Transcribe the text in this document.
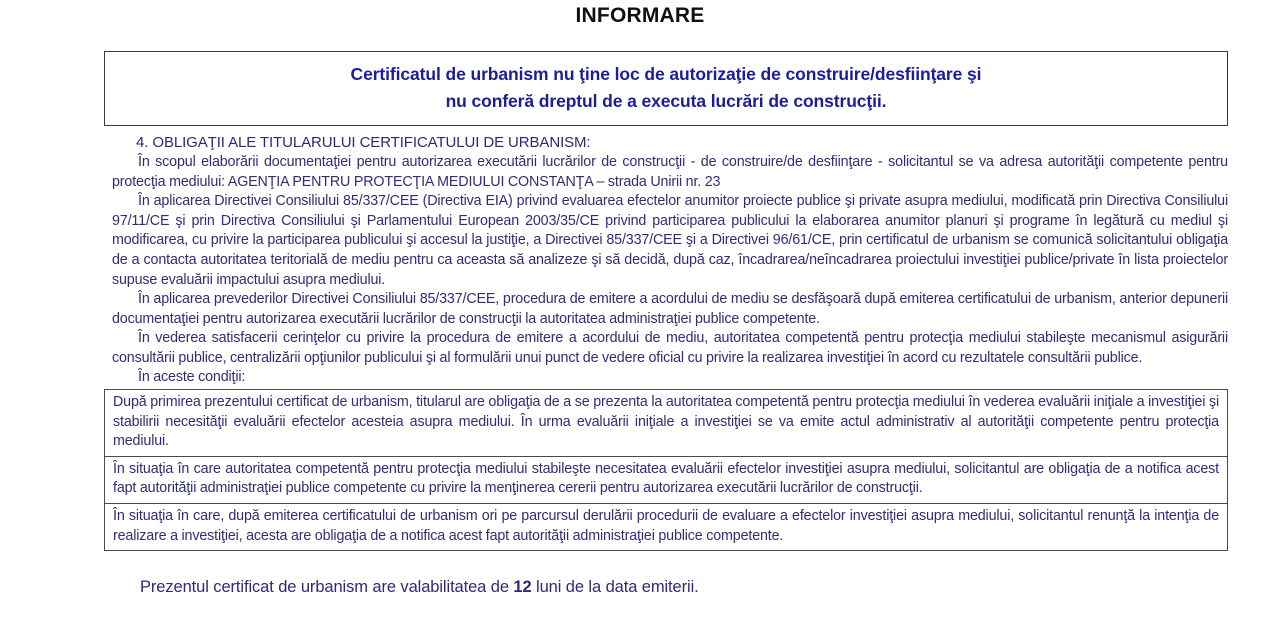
INFORMARE
Certificatul de urbanism nu ţine loc de autorizaţie de construire/desfiinţare şi
nu conferă dreptul de a executa lucrări de construcţii.
4. OBLIGAŢII ALE TITULARULUI CERTIFICATULUI DE URBANISM:

În scopul elaborării documentaţiei pentru autorizarea executării lucrărilor de construcţii - de construire/de desfiinţare - solicitantul se va adresa autorităţii competente pentru protecţia mediului: AGENŢIA PENTRU PROTECŢIA MEDIULUI CONSTANŢA – strada Unirii nr. 23

În aplicarea Directivei Consiliului 85/337/CEE (Directiva EIA) privind evaluarea efectelor anumitor proiecte publice şi private asupra mediului, modificată prin Directiva Consiliului 97/11/CE şi prin Directiva Consiliului şi Parlamentului European 2003/35/CE privind participarea publicului la elaborarea anumitor planuri şi programe în legătură cu mediul şi modificarea, cu privire la participarea publicului şi accesul la justiţie, a Directivei 85/337/CEE şi a Directivei 96/61/CE, prin certificatul de urbanism se comunică solicitantului obligaţia de a contacta autoritatea teritorială de mediu pentru ca aceasta să analizeze şi să decidă, după caz, încadrarea/neîncadrarea proiectului investiţiei publice/private în lista proiectelor supuse evaluării impactului asupra mediului.

În aplicarea prevederilor Directivei Consiliului 85/337/CEE, procedura de emitere a acordului de mediu se desfăşoară după emiterea certificatului de urbanism, anterior depunerii documentaţiei pentru autorizarea executării lucrărilor de construcţii la autoritatea administraţiei publice competente.

În vederea satisfacerii cerinţelor cu privire la procedura de emitere a acordului de mediu, autoritatea competentă pentru protecţia mediului stabileşte mecanismul asigurării consultării publice, centralizării opţiunilor publicului şi al formulării unui punct de vedere oficial cu privire la realizarea investiţiei în acord cu rezultatele consultării publice.

În aceste condiţii:

După primirea prezentului certificat de urbanism, titularul are obligaţia de a se prezenta la autoritatea competentă pentru protecţia mediului în vederea evaluării iniţiale a investiţiei şi stabilirii necesităţii evaluării efectelor acesteia asupra mediului. În urma evaluării iniţiale a investiţiei se va emite actul administrativ al autorităţii competente pentru protecţia mediului.

În situaţia în care autoritatea competentă pentru protecţia mediului stabileşte necesitatea evaluării efectelor investiţiei asupra mediului, solicitantul are obligaţia de a notifica acest fapt autorităţii administraţiei publice competente cu privire la menţinerea cererii pentru autorizarea executării lucrărilor de construcţii.

În situaţia în care, după emiterea certificatului de urbanism ori pe parcursul derulării procedurii de evaluare a efectelor investiţiei asupra mediului, solicitantul renunţă la intenţia de realizare a investiţiei, acesta are obligaţia de a notifica acest fapt autorităţii administraţiei publice competente.

Prezentul certificat de urbanism are valabilitatea de 12 luni de la data emiterii.
